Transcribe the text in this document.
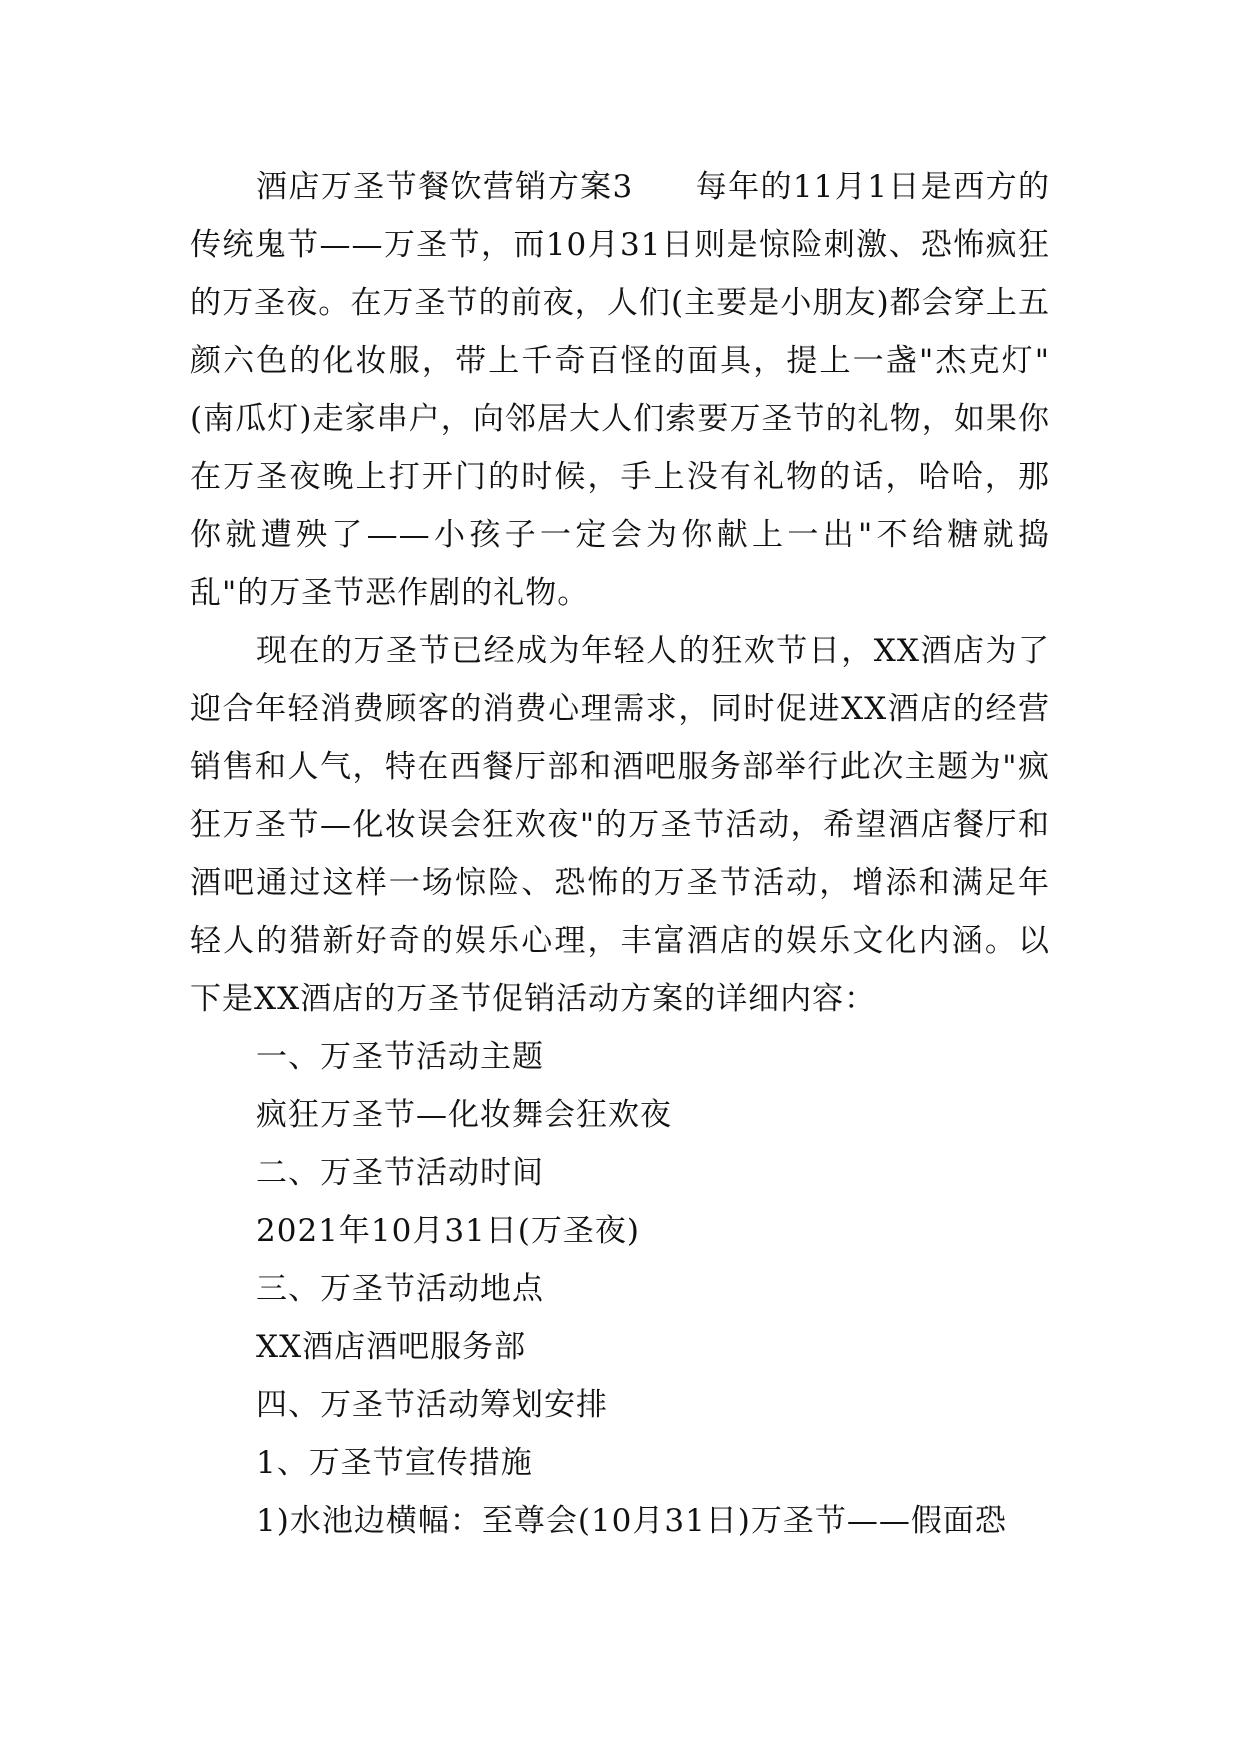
酒店万圣节餐饮营销方案3 每年的11月1日是西方的传统鬼节——万圣节，而10月31日则是惊险刺激、恐怖疯狂的万圣夜。在万圣节的前夜，人们(主要是小朋友)都会穿上五颜六色的化妆服，带上千奇百怪的面具，提上一盏"杰克灯"(南瓜灯)走家串户，向邻居大人们索要万圣节的礼物，如果你在万圣夜晚上打开门的时候，手上没有礼物的话，哈哈，那你就遭殃了——小孩子一定会为你献上一出"不给糖就捣乱"的万圣节恶作剧的礼物。

现在的万圣节已经成为年轻人的狂欢节日，XX酒店为了迎合年轻消费顾客的消费心理需求，同时促进XX酒店的经营销售和人气，特在西餐厅部和酒吧服务部举行此次主题为"疯狂万圣节—化妆误会狂欢夜"的万圣节活动，希望酒店餐厅和酒吧通过这样一场惊险、恐怖的万圣节活动，增添和满足年轻人的猎新好奇的娱乐心理，丰富酒店的娱乐文化内涵。以下是XX酒店的万圣节促销活动方案的详细内容：

一、万圣节活动主题

疯狂万圣节—化妆舞会狂欢夜

二、万圣节活动时间

2021年10月31日(万圣夜)

三、万圣节活动地点

XX酒店酒吧服务部

四、万圣节活动筹划安排

1、万圣节宣传措施

1)水池边横幅：至尊会(10月31日)万圣节——假面恐
